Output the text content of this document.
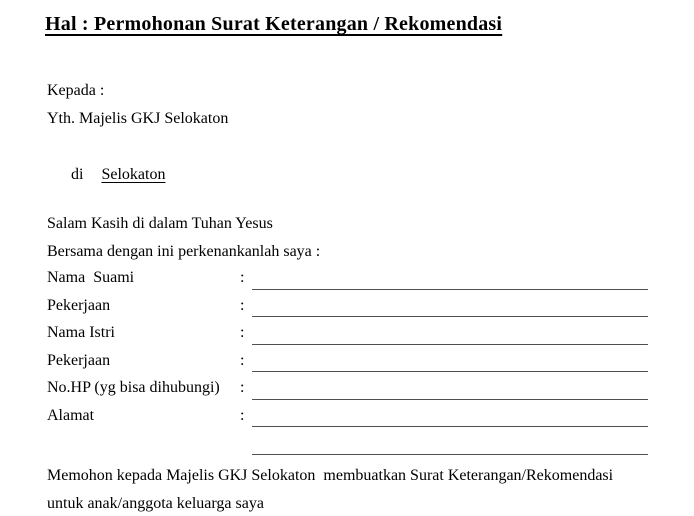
Hal : Permohonan Surat Keterangan / Rekomendasi
Kepada :
Yth. Majelis GKJ Selokaton

di Selokaton

Salam Kasih di dalam Tuhan Yesus
Bersama dengan ini perkenankanlah saya :
Nama  Suami	:
Pekerjaan	:
Nama Istri	:
Pekerjaan	:
No.HP (yg bisa dihubungi)	:
Alamat	:
Memohon kepada Majelis GKJ Selokaton  membuatkan Surat Keterangan/Rekomendasi
untuk anak/anggota keluarga saya
